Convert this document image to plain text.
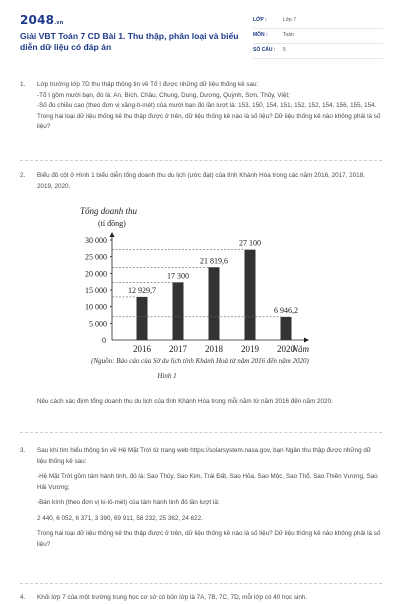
2048.vn
Giải VBT Toán 7 CD Bài 1. Thu thập, phân loại và biểu diễn dữ liệu có đáp án
LỚP :	Lớp 7
MÔN :	Toán
SỐ CÂU : 5
1. Lớp trưởng lớp 7D thu thập thông tin về Tổ I được những dữ liệu thống kê sau:

-Tổ I gồm mười bạn, đó là: An, Bích, Châu, Chung, Dung, Dương, Quỳnh, Sơn, Thủy, Việt;

-Số đo chiều cao (theo đơn vị xăng-ti-mét) của mười bạn đó lần lượt là: 153, 150, 154, 151, 152, 152, 154, 156, 155, 154.

Trong hai loại dữ liệu thống kê thu thập được ở trên, dữ liệu thống kê nào là số liệu? Dữ liệu thống kê nào không phải là số liệu?

2. Biểu đồ cột ở Hình 1 biểu diễn tổng doanh thu du lịch (ước đạt) của tỉnh Khánh Hòa trong các năm 2016, 2017, 2018, 2019, 2020.

Tổng doanh thu
(tỉ đồng)
0
5 000
10 000
15 000
20 000
25 000
30 000
12 929,7
2016
17 300
2017
21 819,6
2018
27 100
2019
6 946,2
2020
Năm
(Nguồn: Báo cáo của Sở du lịch tỉnh Khánh Hoà từ năm 2016 đến năm 2020)
Hình 1

Nêu cách xác định tổng doanh thu du lịch của tỉnh Khánh Hòa trong mỗi năm từ năm 2016 đến năm 2020.

3. Sau khi tìm hiểu thông tin về Hệ Mặt Trời từ trang web https://solarsystem.nasa.gov, bạn Ngân thu thập được những dữ liệu thống kê sau:

-Hệ Mặt Trời gồm tám hành tinh, đó là: Sao Thủy, Sao Kim, Trái Đất, Sao Hỏa, Sao Mộc, Sao Thổ, Sao Thiên Vương, Sao Hải Vương;

-Bán kính (theo đơn vị ki-lô-mét) của tám hành tinh đó lần lượt là:

2 440, 6 052, 6 371, 3 390, 69 911, 58 232, 25 362, 24 622.

Trong hai loại dữ liệu thống kê thu thập được ở trên, dữ liệu thống kê nào là số liệu? Dữ liệu thống kê nào không phải là số liệu?

4. Khối lớp 7 của một trường trung học cơ sở có bốn lớp là 7A, 7B, 7C, 7D, mỗi lớp có 40 học sinh.
